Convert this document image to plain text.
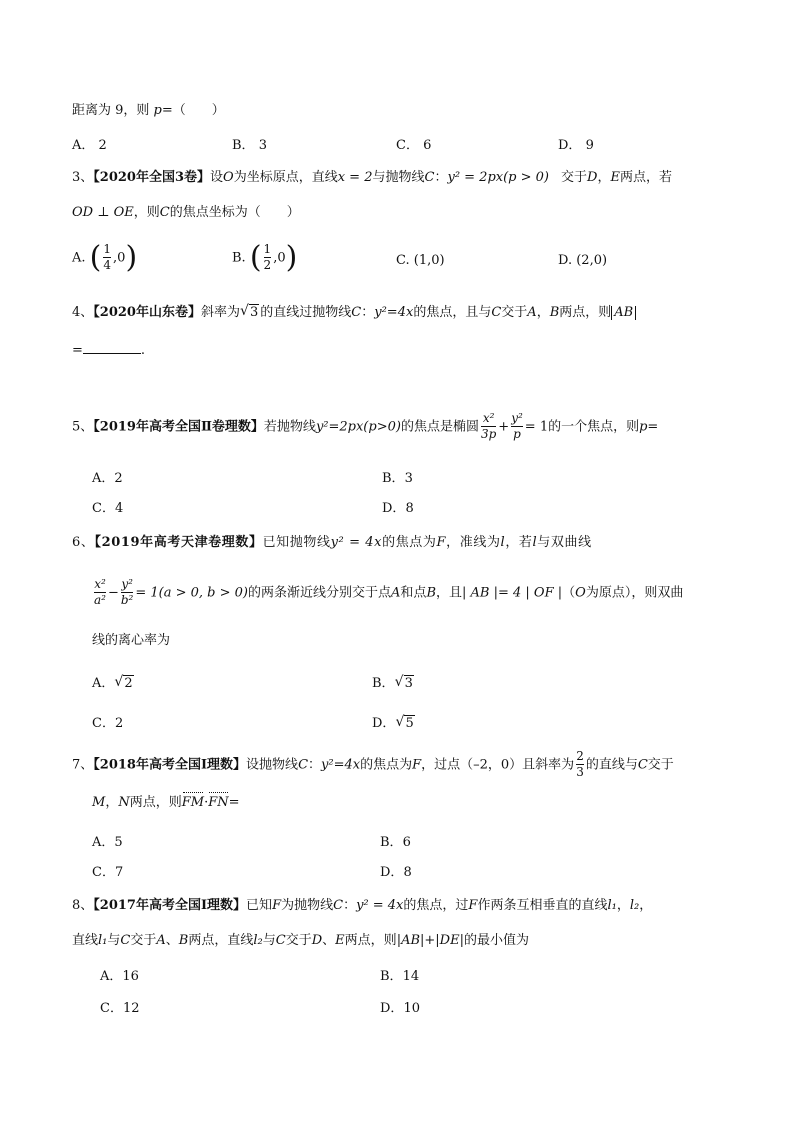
距离为 9，则 p=（　　）
A． 2	B． 3	C． 6	D． 9
3、【2020年全国3卷】设O为坐标原点，直线x = 2与抛物线C：y² = 2px(p > 0) 交于D，E两点，若
OD ⊥ OE，则C的焦点坐标为（　　）
A. ( $\frac{1}{4} ,0$)	B. ( $\frac{1}{2} ,0$)	C. (1,0)	D. (2,0)
4、【2020年山东卷】斜率为 √ 3 的直线过抛物线C：y²=4x的焦点，且与C交于A，B两点，则 AB
=	.
5、【2019年高考全国Ⅱ卷理数】若抛物线y²=2px(p>0)的焦点是椭圆 $\frac{\text{x²}}{3p} + \frac{\text{y²}}{p} = 1$的一个焦点，则p=
A．2	B．3
C．4	D．8
6、【2019年高考天津卷理数】已知抛物线y² = 4x的焦点为F，准线为l，若l与双曲线
$\frac{\text{x²}}{\text{a²}} - \frac{\text{y²}}{\text{b²}} = 1(a > 0$, b > 0)的两条渐近线分别交于点A和点B，且| AB |= 4 | OF |（O为原点），则双曲
线的离心率为
A． √ 2	B． √ 3
C．2	D． √ 5
7、【2018年高考全国I理数】设抛物线C：y²=4x的焦点为F，过点（–2，0）且斜率为 $\frac{2}{3}$ 的直线与C交于
M，N两点，则FM·FN=
A．5	B．6
C．7	D．8
8、【2017年高考全国I理数】已知F为抛物线C：y² = 4x的焦点，过F作两条互相垂直的直线l₁，l₂，
直线l₁与C交于A、B两点，直线l₂与C交于D、E两点，则|AB|+|DE|的最小值为
A．16	B．14
C．12	D．10
